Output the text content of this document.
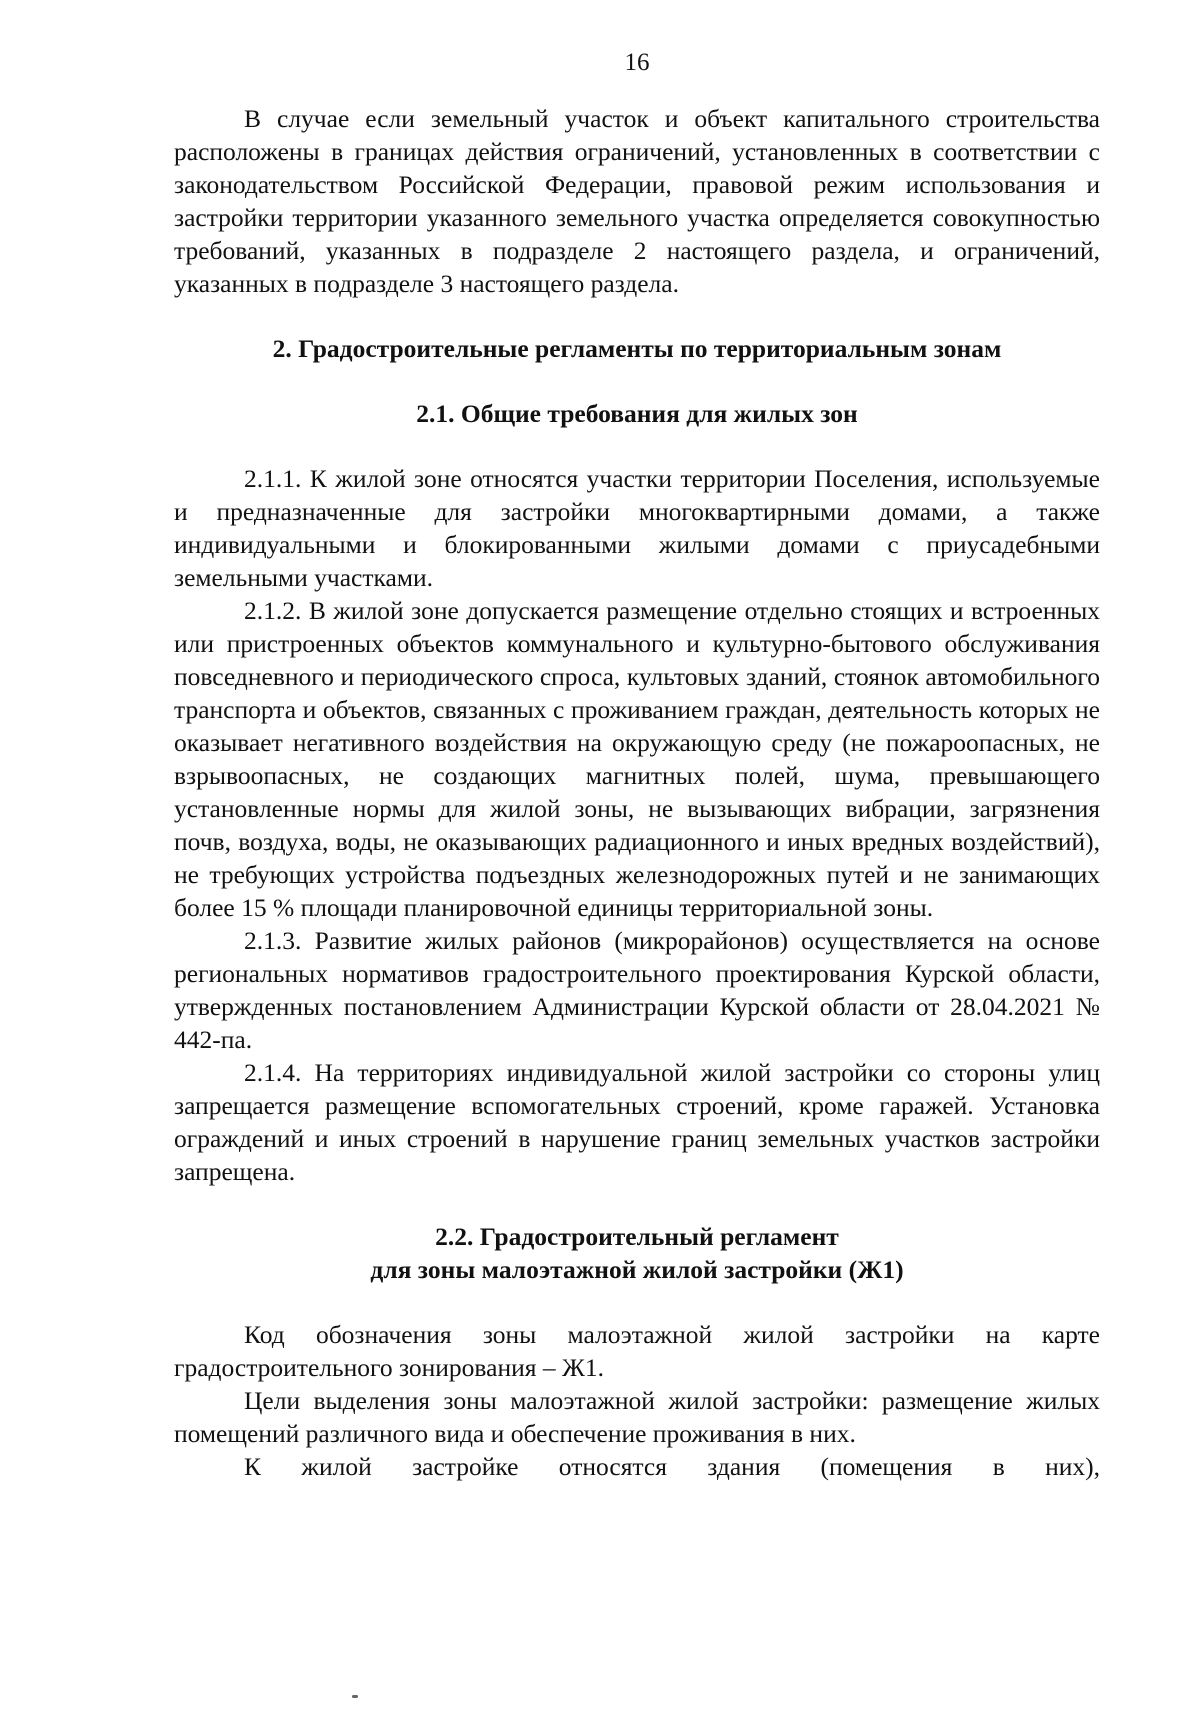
16

В случае если земельный участок и объект капитального строительства расположены в границах действия ограничений, установленных в соответствии с законодательством Российской Федерации, правовой режим использования и застройки территории указанного земельного участка определяется совокупностью требований, указанных в подразделе 2 настоящего раздела, и ограничений, указанных в подразделе 3 настоящего раздела.

2. Градостроительные регламенты по территориальным зонам
2.1. Общие требования для жилых зон

2.1.1. К жилой зоне относятся участки территории Поселения, используемые и предназначенные для застройки многоквартирными домами, а также индивидуальными и блокированными жилыми домами с приусадебными земельными участками.

2.1.2. В жилой зоне допускается размещение отдельно стоящих и встроенных или пристроенных объектов коммунального и культурно-бытового обслуживания повседневного и периодического спроса, культовых зданий, стоянок автомобильного транспорта и объектов, связанных с проживанием граждан, деятельность которых не оказывает негативного воздействия на окружающую среду (не пожароопасных, не взрывоопасных, не создающих магнитных полей, шума, превышающего установленные нормы для жилой зоны, не вызывающих вибрации, загрязнения почв, воздуха, воды, не оказывающих радиационного и иных вредных воздействий), не требующих устройства подъездных железнодорожных путей и не занимающих более 15 % площади планировочной единицы территориальной зоны.

2.1.3. Развитие жилых районов (микрорайонов) осуществляется на основе региональных нормативов градостроительного проектирования Курской области, утвержденных постановлением Администрации Курской области от 28.04.2021 № 442-па.

2.1.4. На территориях индивидуальной жилой застройки со стороны улиц запрещается размещение вспомогательных строений, кроме гаражей. Установка ограждений и иных строений в нарушение границ земельных участков застройки запрещена.

2.2. Градостроительный регламент
для зоны малоэтажной жилой застройки (Ж1)

Код обозначения зоны малоэтажной жилой застройки на карте градостроительного зонирования – Ж1.

Цели выделения зоны малоэтажной жилой застройки: размещение жилых помещений различного вида и обеспечение проживания в них.

К жилой застройке относятся здания (помещения в них),
